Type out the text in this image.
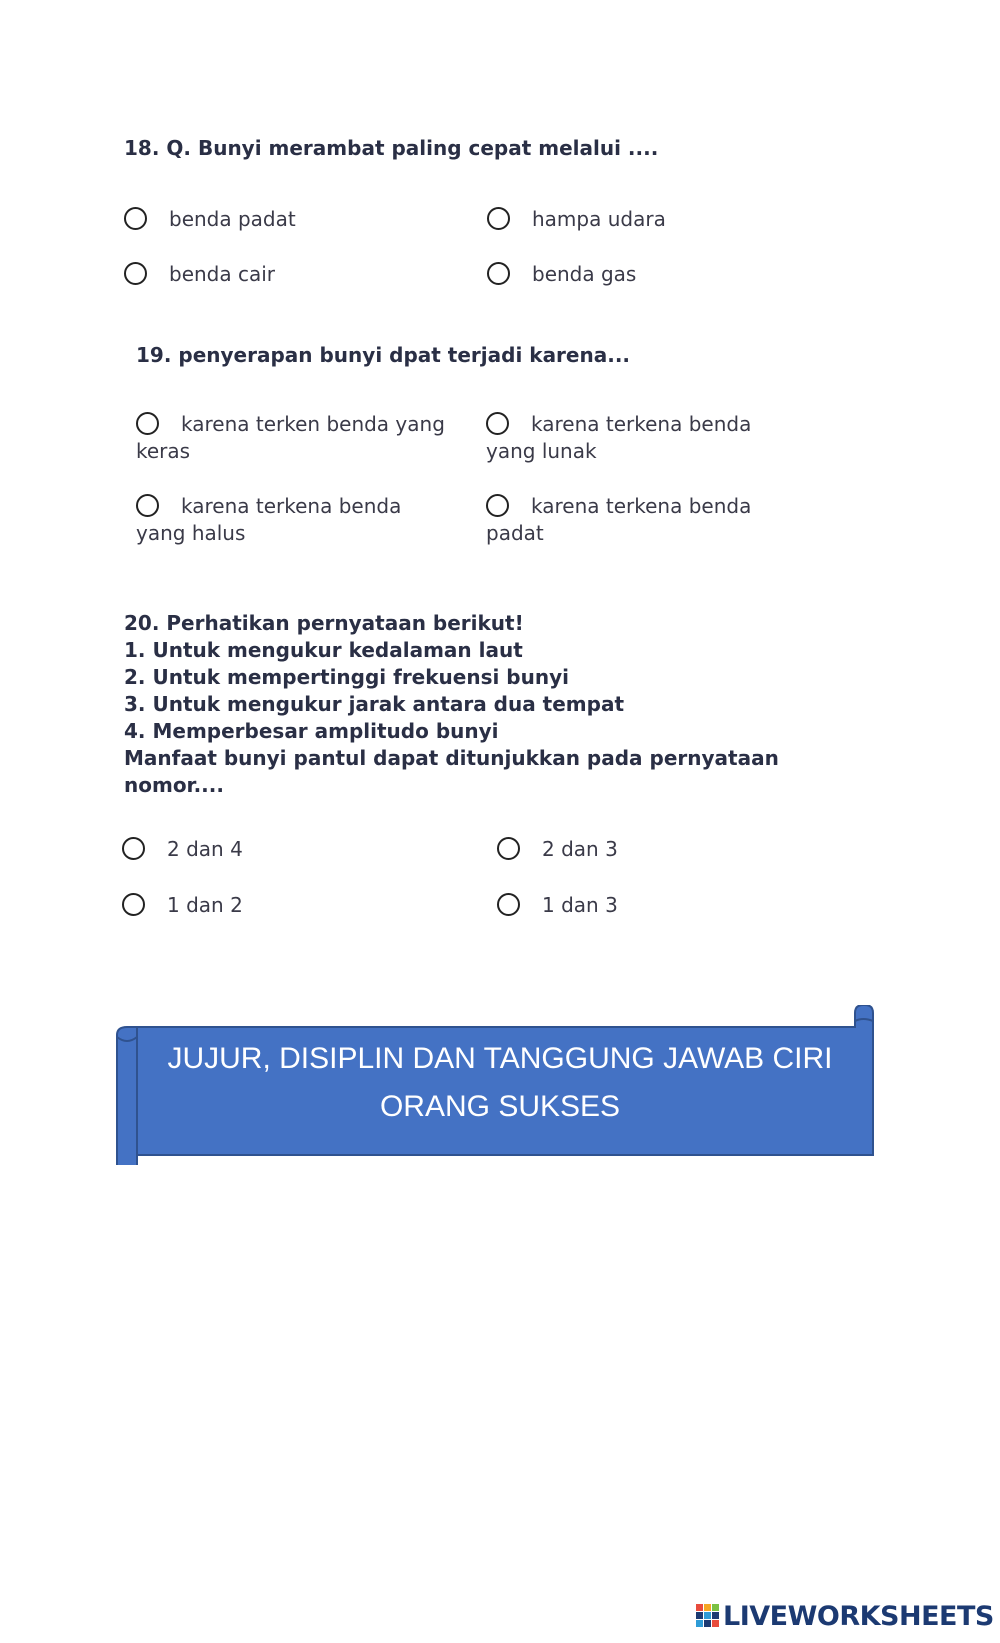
18. Q. Bunyi merambat paling cepat melalui ....
benda padat	hampa udara
benda cair	benda gas
19. penyerapan bunyi dpat terjadi karena...
karena terken benda yang
keras
karena terkena benda
yang lunak
karena terkena benda
yang halus
karena terkena benda
padat
20. Perhatikan pernyataan berikut!
1. Untuk mengukur kedalaman laut
2. Untuk mempertinggi frekuensi bunyi
3. Untuk mengukur jarak antara dua tempat
4. Memperbesar amplitudo bunyi
Manfaat bunyi pantul dapat ditunjukkan pada pernyataan
nomor....
2 dan 4	2 dan 3
1 dan 2	1 dan 3
JUJUR, DISIPLIN DAN TANGGUNG JAWAB CIRI
ORANG SUKSES
LIVEWORKSHEETS
